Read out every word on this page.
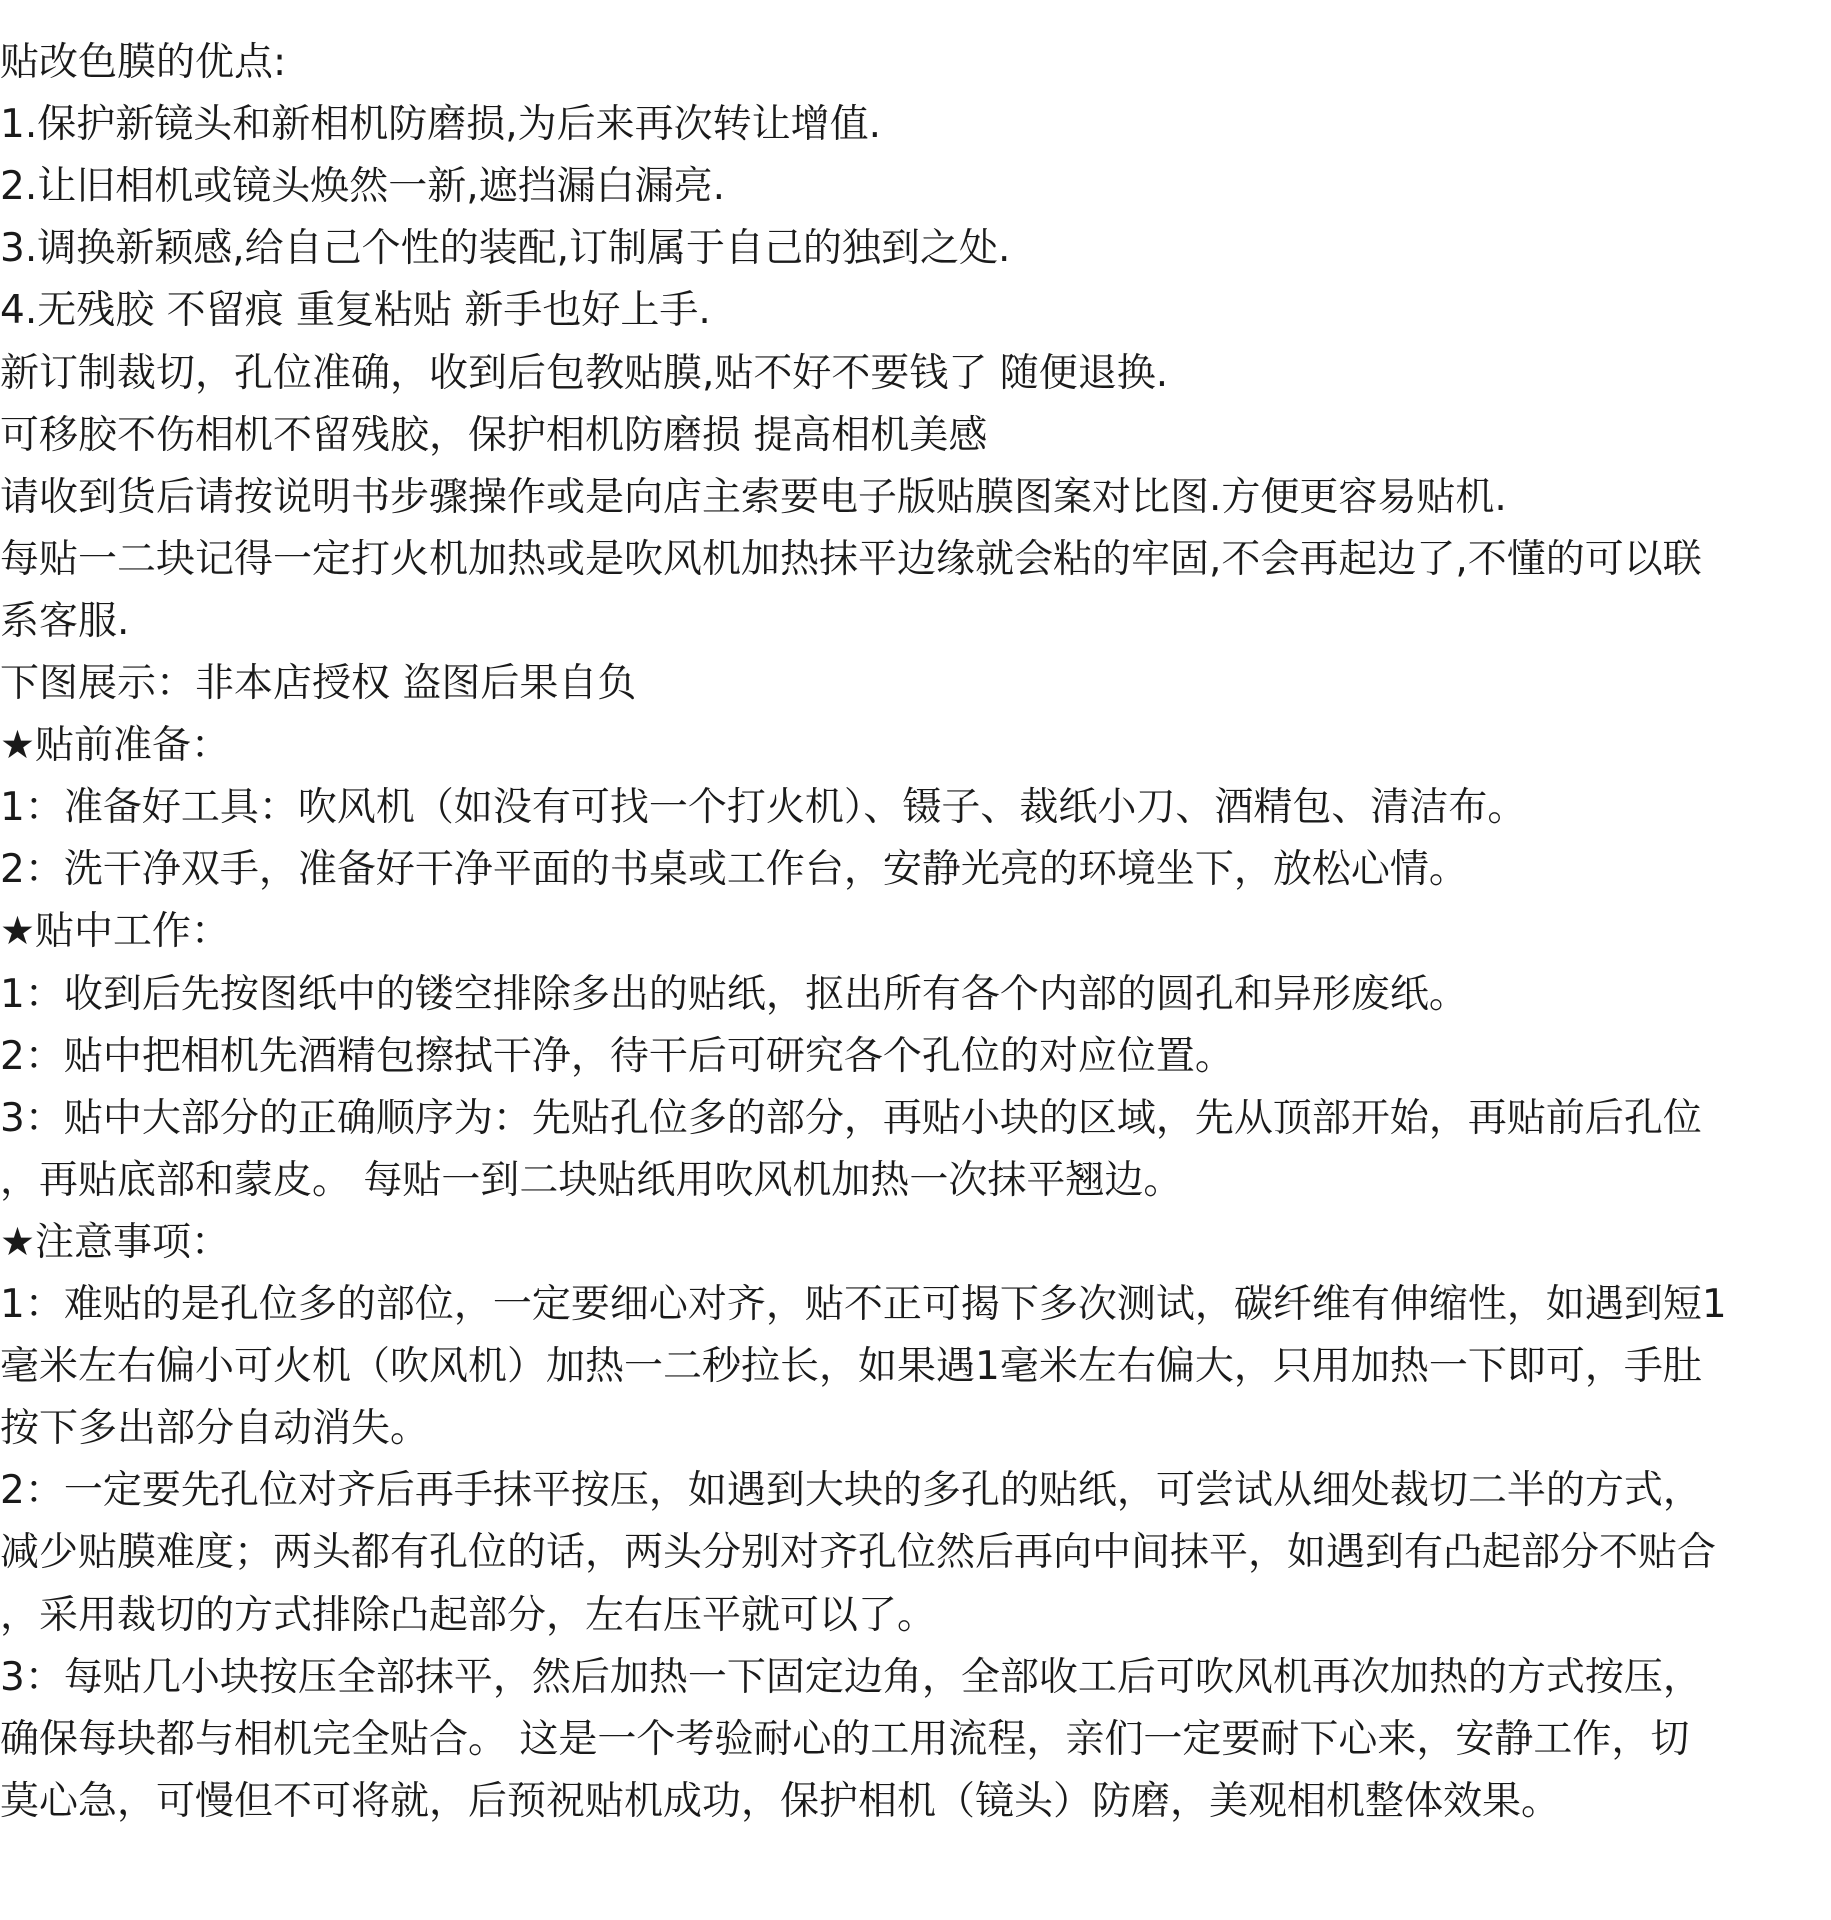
贴改色膜的优点:
1.保护新镜头和新相机防磨损,为后来再次转让增值.
2.让旧相机或镜头焕然一新,遮挡漏白漏亮.
3.调换新颖感,给自己个性的装配,订制属于自己的独到之处.
4.无残胶 不留痕 重复粘贴 新手也好上手.
新订制裁切，孔位准确，收到后包教贴膜,贴不好不要钱了 随便退换.
可移胶不伤相机不留残胶，保护相机防磨损 提高相机美感
请收到货后请按说明书步骤操作或是向店主索要电子版贴膜图案对比图.方便更容易贴机.
每贴一二块记得一定打火机加热或是吹风机加热抹平边缘就会粘的牢固,不会再起边了,不懂的可以联
系客服.
下图展示：非本店授权 盗图后果自负
★贴前准备：
1：准备好工具：吹风机（如没有可找一个打火机）、镊子、裁纸小刀、酒精包、清洁布。
2：洗干净双手，准备好干净平面的书桌或工作台，安静光亮的环境坐下，放松心情。
★贴中工作：
1：收到后先按图纸中的镂空排除多出的贴纸，抠出所有各个内部的圆孔和异形废纸。
2：贴中把相机先酒精包擦拭干净，待干后可研究各个孔位的对应位置。
3：贴中大部分的正确顺序为：先贴孔位多的部分，再贴小块的区域，先从顶部开始，再贴前后孔位
，再贴底部和蒙皮。 每贴一到二块贴纸用吹风机加热一次抹平翘边。
★注意事项：
1：难贴的是孔位多的部位，一定要细心对齐，贴不正可揭下多次测试，碳纤维有伸缩性，如遇到短1
毫米左右偏小可火机（吹风机）加热一二秒拉长，如果遇1毫米左右偏大，只用加热一下即可，手肚
按下多出部分自动消失。
2：一定要先孔位对齐后再手抹平按压，如遇到大块的多孔的贴纸，可尝试从细处裁切二半的方式，
减少贴膜难度；两头都有孔位的话，两头分别对齐孔位然后再向中间抹平，如遇到有凸起部分不贴合
，采用裁切的方式排除凸起部分，左右压平就可以了。
3：每贴几小块按压全部抹平，然后加热一下固定边角，全部收工后可吹风机再次加热的方式按压，
确保每块都与相机完全贴合。 这是一个考验耐心的工用流程，亲们一定要耐下心来，安静工作，切
莫心急，可慢但不可将就，后预祝贴机成功，保护相机（镜头）防磨，美观相机整体效果。
